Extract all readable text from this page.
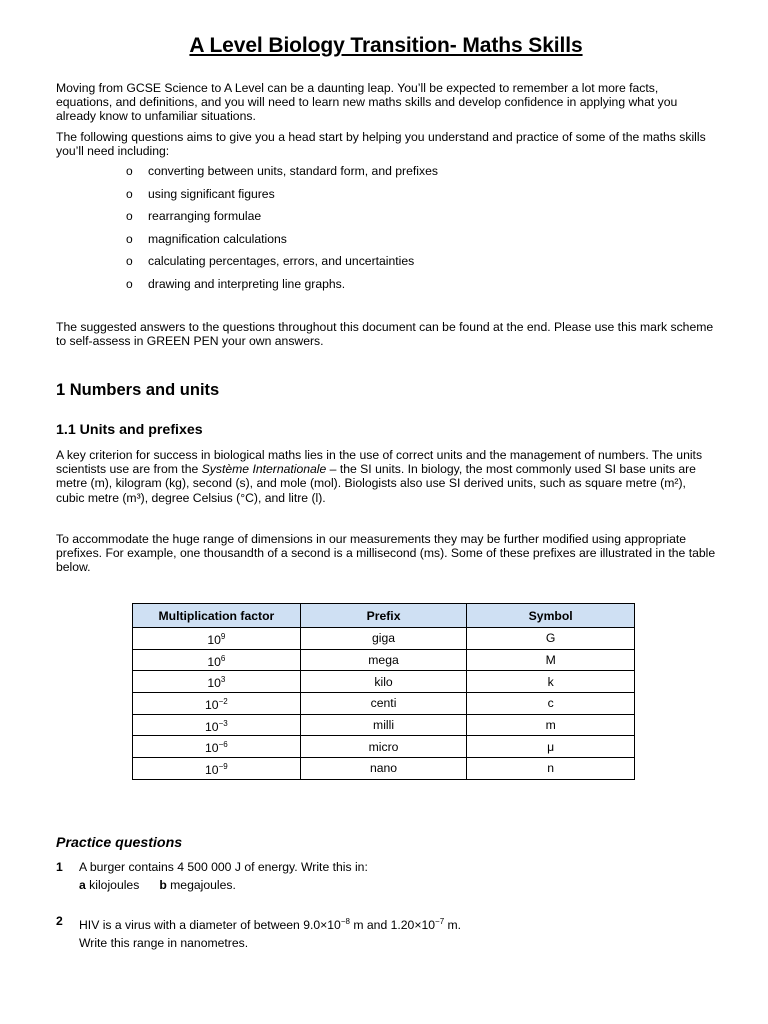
A Level Biology Transition- Maths Skills
Moving from GCSE Science to A Level can be a daunting leap. You’ll be expected to remember a lot more facts, equations, and definitions, and you will need to learn new maths skills and develop confidence in applying what you already know to unfamiliar situations.
The following questions aims to give you a head start by helping you understand and practice of some of the maths skills you’ll need including:
o converting between units, standard form, and prefixes
o using significant figures
o rearranging formulae
o magnification calculations
o calculating percentages, errors, and uncertainties
o drawing and interpreting line graphs.
The suggested answers to the questions throughout this document can be found at the end. Please use this mark scheme to self-assess in GREEN PEN your own answers.
1 Numbers and units
1.1 Units and prefixes
A key criterion for success in biological maths lies in the use of correct units and the management of numbers. The units scientists use are from the Système Internationale – the SI units. In biology, the most commonly used SI base units are metre (m), kilogram (kg), second (s), and mole (mol). Biologists also use SI derived units, such as square metre (m²), cubic metre (m³), degree Celsius (°C), and litre (l).
To accommodate the huge range of dimensions in our measurements they may be further modified using appropriate prefixes. For example, one thousandth of a second is a millisecond (ms). Some of these prefixes are illustrated in the table below.
Multiplication factor	Prefix	Symbol
$10^9$	giga	G
$10^6$	mega	M
$10^3$	kilo	k
$10^{-2}$	centi	c
$10^{-3}$	milli	m
$10^{-6}$	micro	μ
$10^{-9}$	nano	n
Practice questions
1 A burger contains 4 500 000 J of energy. Write this in:
a kilojoules b megajoules.
2 HIV is a virus with a diameter of between $9.0\times 10^{-8}$ m and $1.20\times 10^{-7}$ m.
Write this range in nanometres.
